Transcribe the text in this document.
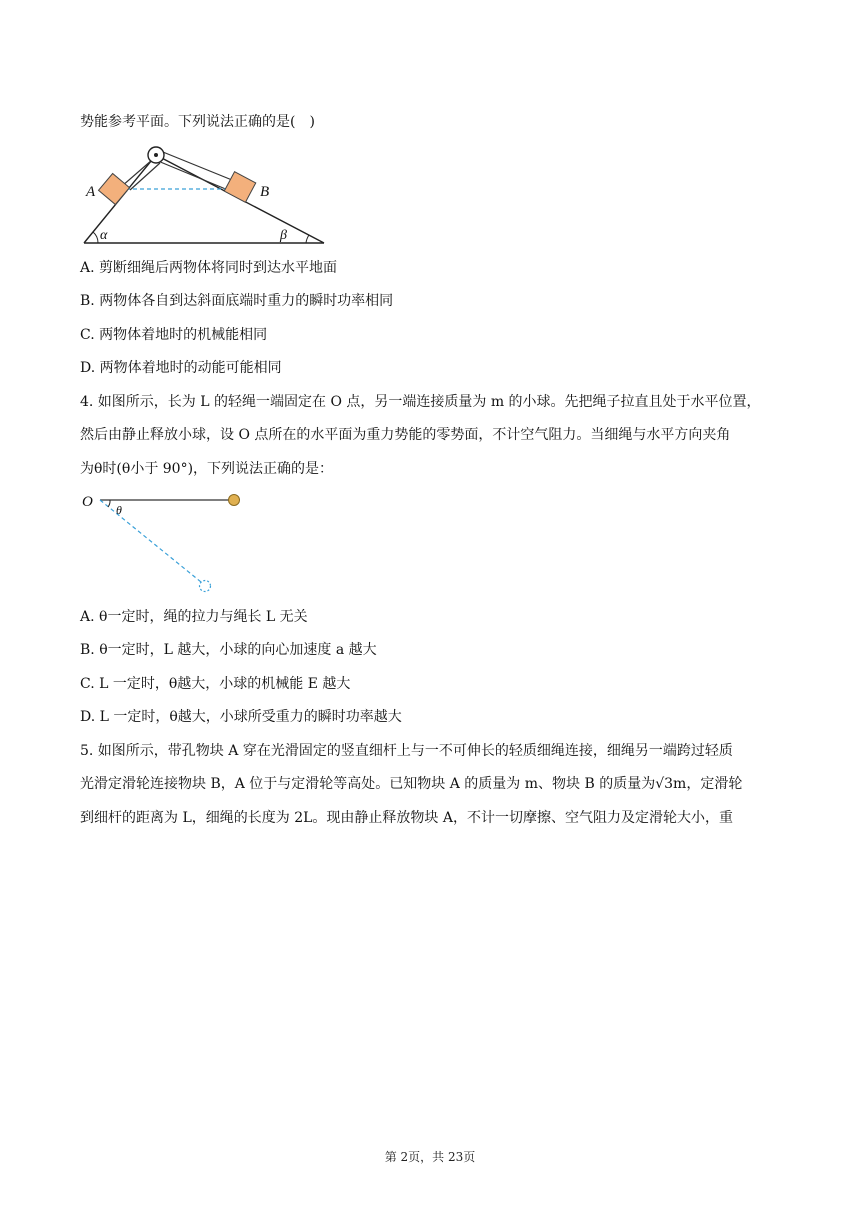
势能参考平面。下列说法正确的是(　)
A	B
α	β
A. 剪断细绳后两物体将同时到达水平地面
B. 两物体各自到达斜面底端时重力的瞬时功率相同
C. 两物体着地时的机械能相同
D. 两物体着地时的动能可能相同
4. 如图所示，长为 L 的轻绳一端固定在 O 点，另一端连接质量为 m 的小球。先把绳子拉直且处于水平位置，
然后由静止释放小球，设 O 点所在的水平面为重力势能的零势面，不计空气阻力。当细绳与水平方向夹角
为θ时(θ小于 90°)，下列说法正确的是：
O θ
A. θ一定时，绳的拉力与绳长 L 无关
B. θ一定时，L 越大，小球的向心加速度 a 越大
C. L 一定时，θ越大，小球的机械能 E 越大
D. L 一定时，θ越大，小球所受重力的瞬时功率越大
5. 如图所示，带孔物块 A 穿在光滑固定的竖直细杆上与一不可伸长的轻质细绳连接，细绳另一端跨过轻质
光滑定滑轮连接物块 B，A 位于与定滑轮等高处。已知物块 A 的质量为 m、物块 B 的质量为√3m，定滑轮
到细杆的距离为 L，细绳的长度为 2L。现由静止释放物块 A，不计一切摩擦、空气阻力及定滑轮大小，重
第 2页，共 23页
